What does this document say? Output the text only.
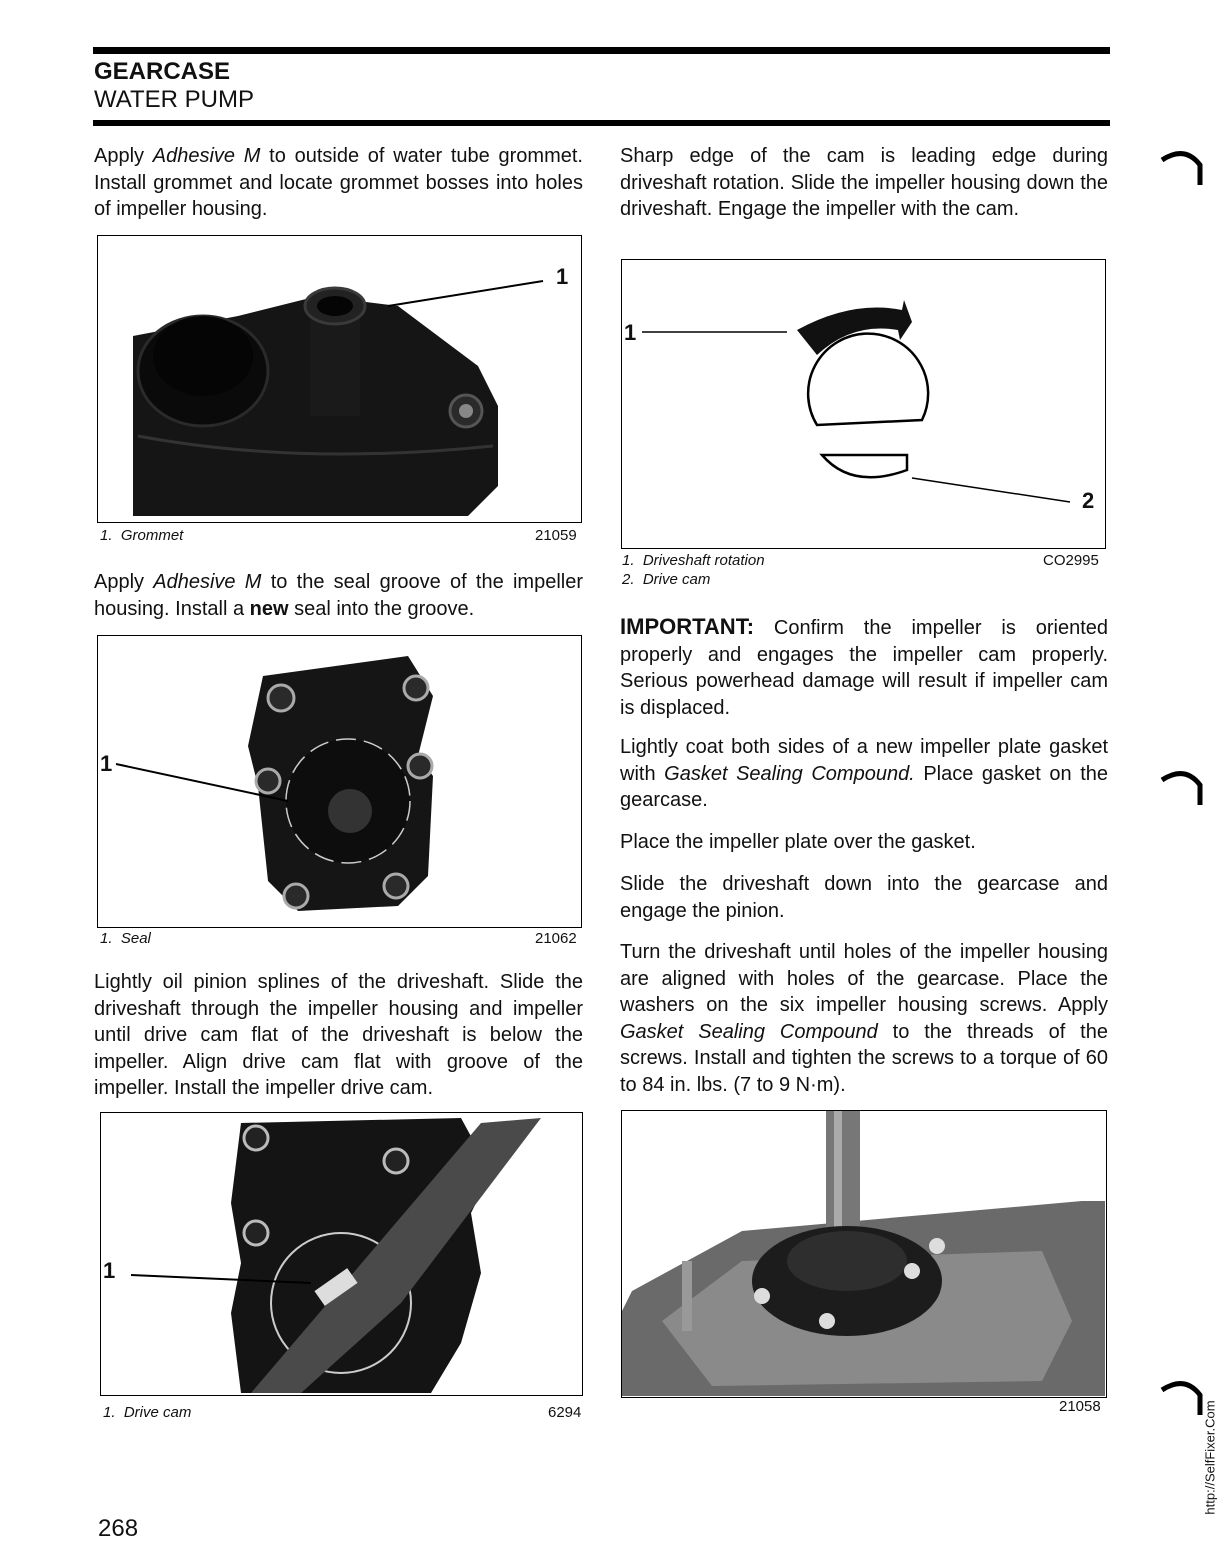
GEARCASE
WATER PUMP
Apply Adhesive M to outside of water tube grommet. Install grommet and locate grommet bosses into holes of impeller housing.
1
1.  Grommet	21059
Apply Adhesive M to the seal groove of the impeller housing. Install a new seal into the groove.
1
1.  Seal	21062
Lightly oil pinion splines of the driveshaft. Slide the driveshaft through the impeller housing and impeller until drive cam flat of the driveshaft is below the impeller. Align drive cam flat with groove of the impeller. Install the impeller drive cam.
1
1.  Drive cam	6294
Sharp edge of the cam is leading edge during driveshaft rotation. Slide the impeller housing down the driveshaft. Engage the impeller with the cam.
1
2
1.  Driveshaft rotation
2.  Drive cam
CO2995
IMPORTANT: Confirm the impeller is oriented properly and engages the impeller cam properly. Serious powerhead damage will result if impeller cam is displaced.
Lightly coat both sides of a new impeller plate gasket with Gasket Sealing Compound. Place gasket on the gearcase.
Place the impeller plate over the gasket.
Slide the driveshaft down into the gearcase and engage the pinion.
Turn the driveshaft until holes of the impeller housing are aligned with holes of the gearcase. Place the washers on the six impeller housing screws. Apply Gasket Sealing Compound to the threads of the screws. Install and tighten the screws to a torque of 60 to 84 in. lbs. (7 to 9 N·m).
21058
268
http://SelfFixer.Com
